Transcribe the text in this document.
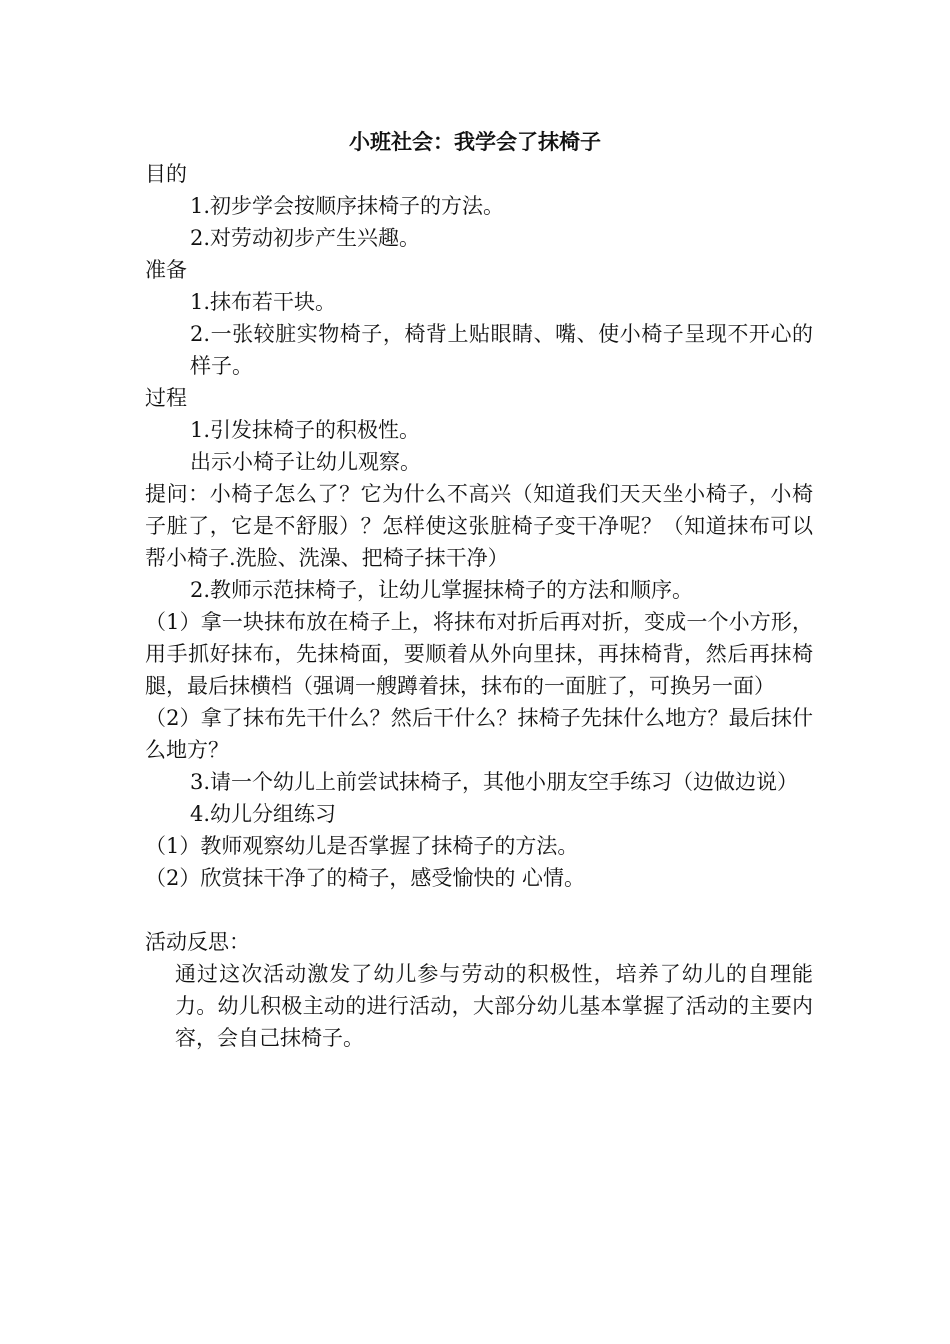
小班社会：我学会了抹椅子

目的

1.初步学会按顺序抹椅子的方法。

2.对劳动初步产生兴趣。

准备

1.抹布若干块。

2.一张较脏实物椅子，椅背上贴眼睛、嘴、使小椅子呈现不开心的样子。

过程

1.引发抹椅子的积极性。

出示小椅子让幼儿观察。

提问：小椅子怎么了？它为什么不高兴（知道我们天天坐小椅子，小椅子脏了，它是不舒服）？怎样使这张脏椅子变干净呢？（知道抹布可以帮小椅子.洗脸、洗澡、把椅子抹干净）

2.教师示范抹椅子，让幼儿掌握抹椅子的方法和顺序。

（1）拿一块抹布放在椅子上，将抹布对折后再对折，变成一个小方形，用手抓好抹布，先抹椅面，要顺着从外向里抹，再抹椅背，然后再抹椅腿，最后抹横档（强调一艘蹲着抹，抹布的一面脏了，可换另一面）

（2）拿了抹布先干什么？然后干什么？抹椅子先抹什么地方？最后抹什么地方？

3.请一个幼儿上前尝试抹椅子，其他小朋友空手练习（边做边说）

4.幼儿分组练习

（1）教师观察幼儿是否掌握了抹椅子的方法。

（2）欣赏抹干净了的椅子，感受愉快的 心情。

活动反思：

通过这次活动激发了幼儿参与劳动的积极性，培养了幼儿的自理能力。幼儿积极主动的进行活动，大部分幼儿基本掌握了活动的主要内容，会自己抹椅子。
